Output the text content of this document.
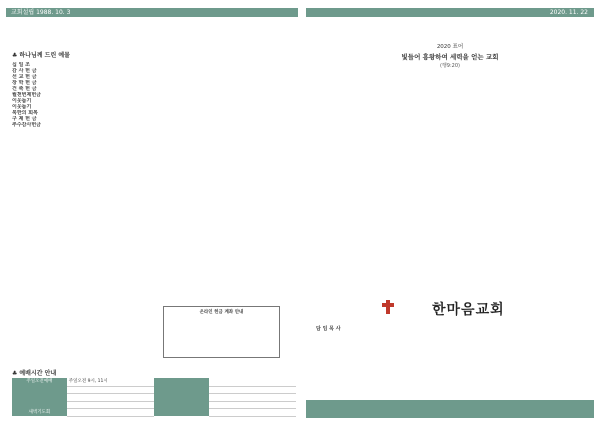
교회설립 1988. 10. 3	2020. 11. 22
♣ 하나님께 드린 예물
십 일 조
감 사 헌 금
선 교 헌 금
장 학 헌 금
건 축 헌 금
월천번제헌금
이웃돕기
이웃돕기
북한의 회복
구 제 헌 금
추수감사헌금
온라인 헌금 계좌 안내
♣ 예배시간 안내
주일오전예배	주일오전 9시, 11시		

새벽기도회			
2020 표어
빛들어 흥왕하여 세력을 얻는 교회
(행9:20)
한마음교회
담 임 목 사
